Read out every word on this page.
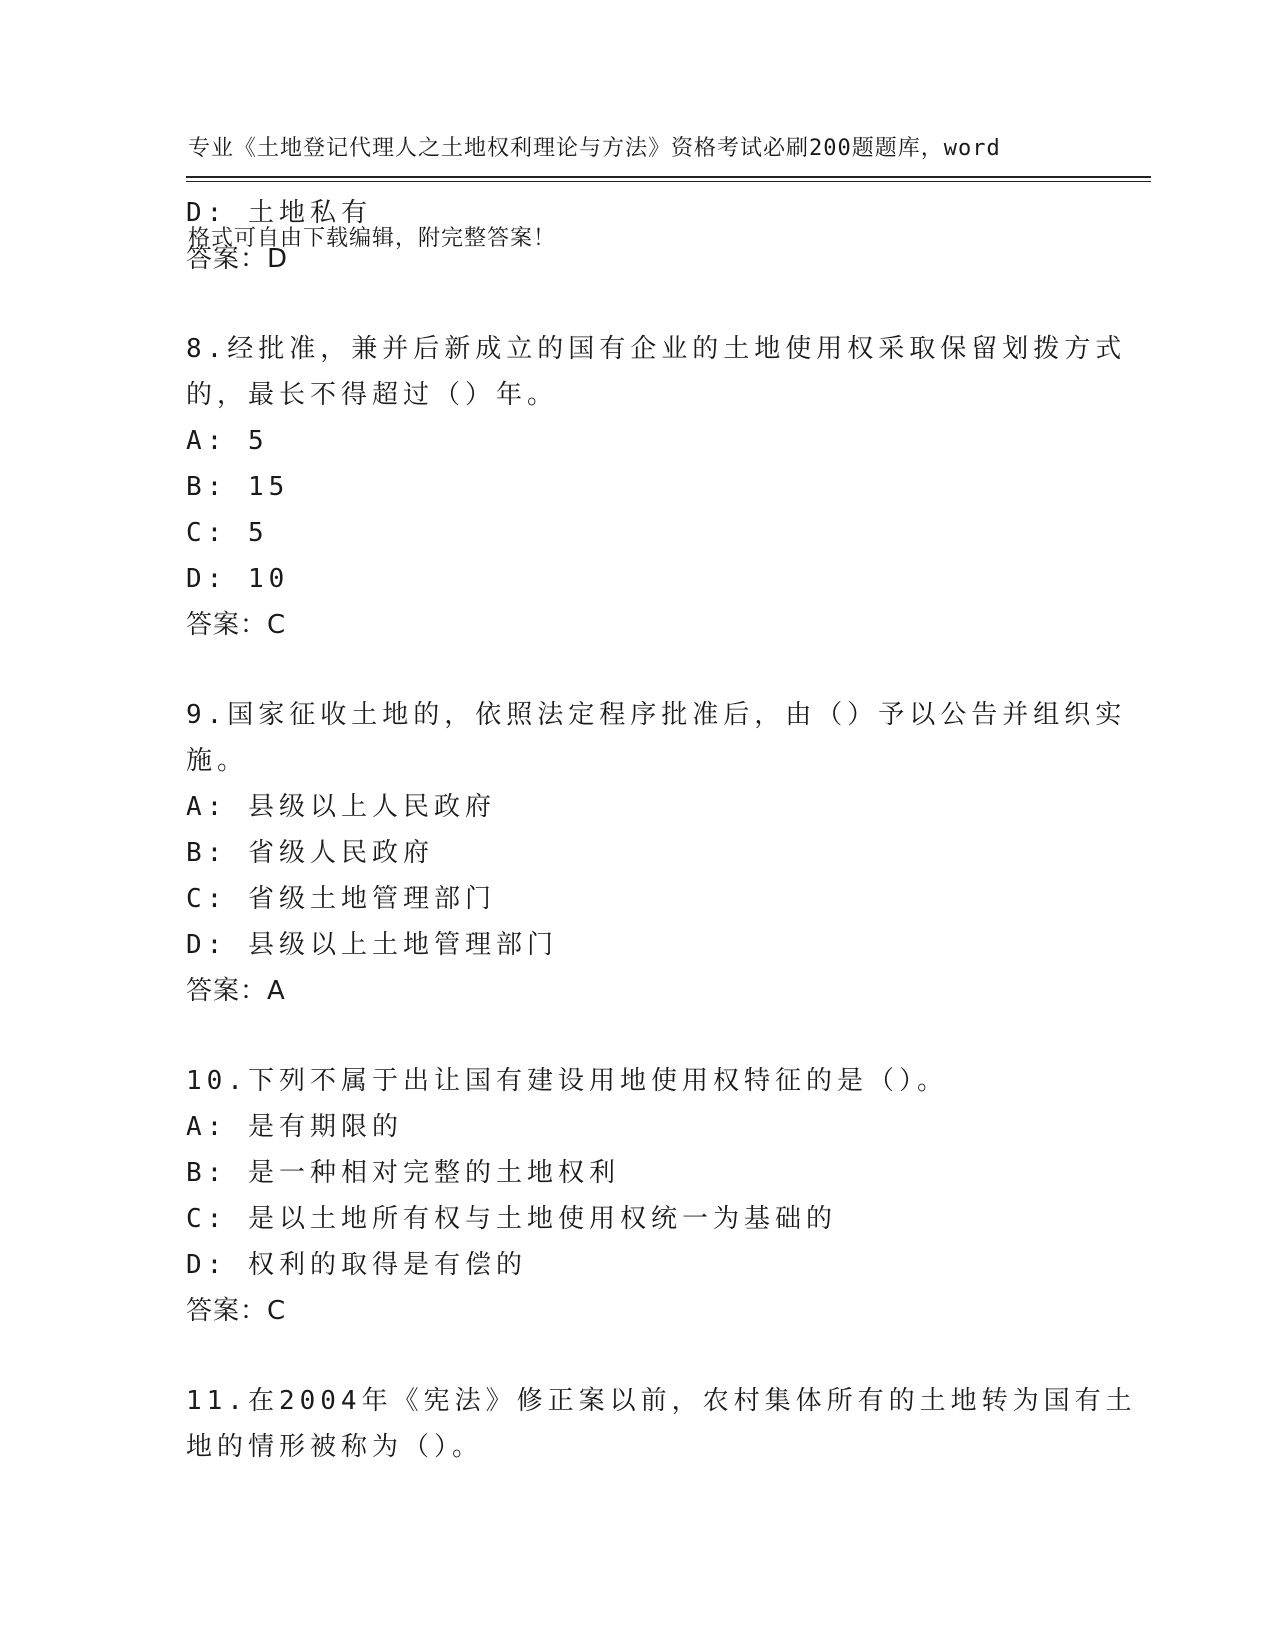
专业《土地登记代理人之土地权利理论与方法》资格考试必刷200题题库，word

格式可自由下载编辑，附完整答案！

D: 土地私有
答案：D
8.经批准，兼并后新成立的国有企业的土地使用权采取保留划拨方式
的，最长不得超过（）年。
A: 5
B: 15
C: 5
D: 10
答案：C
9.国家征收土地的，依照法定程序批准后，由（）予以公告并组织实
施。
A: 县级以上人民政府
B: 省级人民政府
C: 省级土地管理部门
D: 县级以上土地管理部门
答案：A
10.下列不属于出让国有建设用地使用权特征的是（）。
A: 是有期限的
B: 是一种相对完整的土地权利
C: 是以土地所有权与土地使用权统一为基础的
D: 权利的取得是有偿的
答案：C
11.在2004年《宪法》修正案以前，农村集体所有的土地转为国有土
地的情形被称为（）。
